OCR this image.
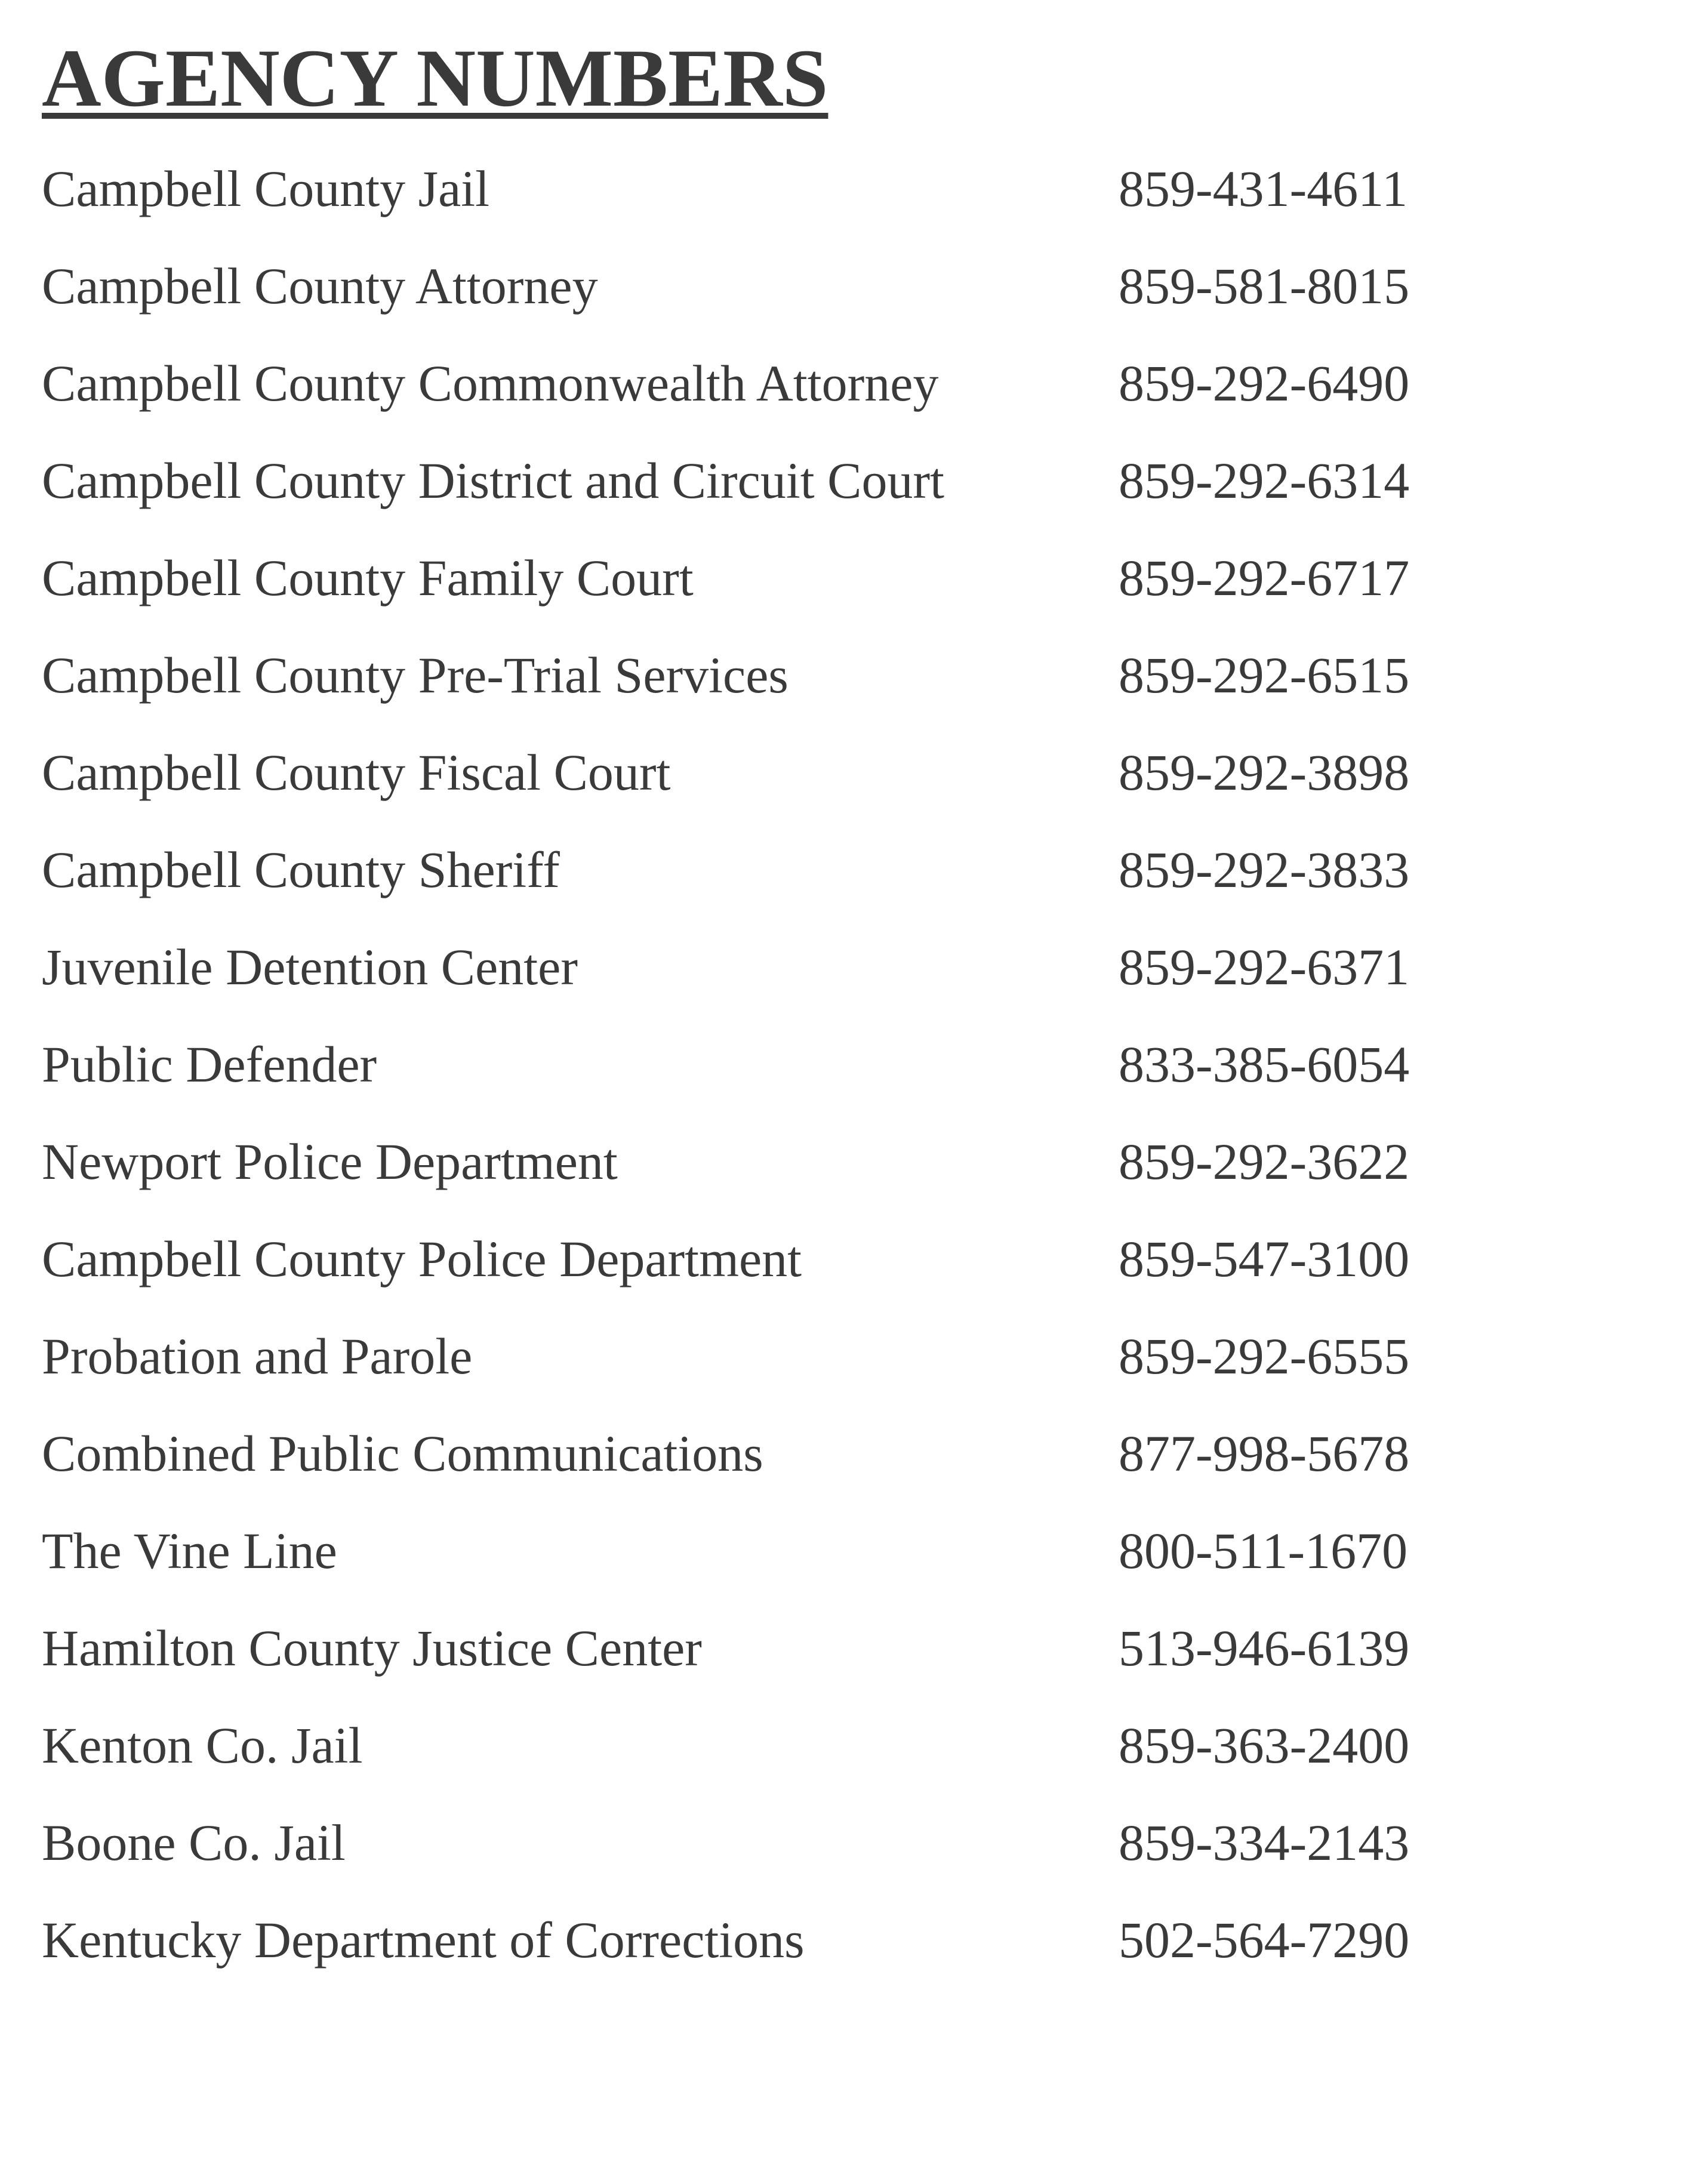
AGENCY NUMBERS
Campbell County Jail	859-431-4611
Campbell County Attorney	859-581-8015
Campbell County Commonwealth Attorney	859-292-6490
Campbell County District and Circuit Court	859-292-6314
Campbell County Family Court	859-292-6717
Campbell County Pre-Trial Services	859-292-6515
Campbell County Fiscal Court	859-292-3898
Campbell County Sheriff	859-292-3833
Juvenile Detention Center	859-292-6371
Public Defender	833-385-6054
Newport Police Department	859-292-3622
Campbell County Police Department	859-547-3100
Probation and Parole	859-292-6555
Combined Public Communications	877-998-5678
The Vine Line	800-511-1670
Hamilton County Justice Center	513-946-6139
Kenton Co. Jail	859-363-2400
Boone Co. Jail	859-334-2143
Kentucky Department of Corrections	502-564-7290
